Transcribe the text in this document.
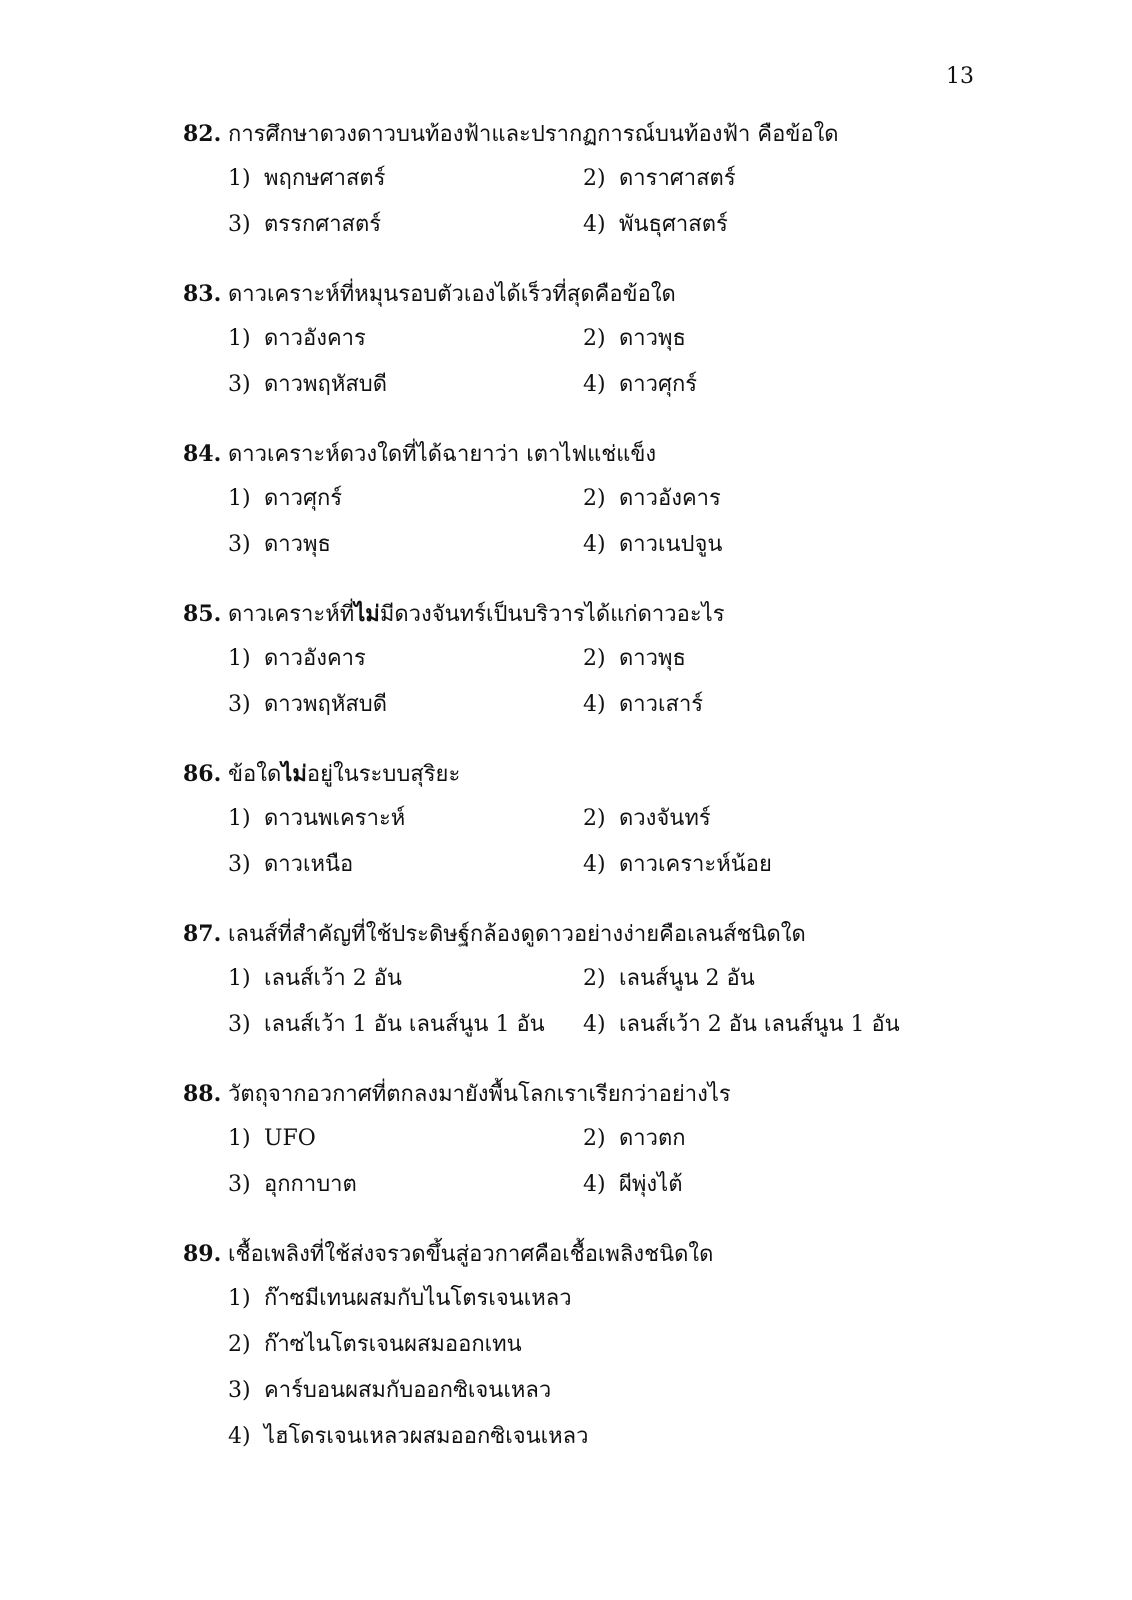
13
82. การศึกษาดวงดาวบนท้องฟ้าและปรากฏการณ์บนท้องฟ้า คือข้อใด
1) พฤกษศาสตร์	2) ดาราศาสตร์
3) ตรรกศาสตร์	4) พันธุศาสตร์
83. ดาวเคราะห์ที่หมุนรอบตัวเองได้เร็วที่สุดคือข้อใด
1) ดาวอังคาร	2) ดาวพุธ
3) ดาวพฤหัสบดี	4) ดาวศุกร์
84. ดาวเคราะห์ดวงใดที่ได้ฉายาว่า เตาไฟแช่แข็ง
1) ดาวศุกร์	2) ดาวอังคาร
3) ดาวพุธ	4) ดาวเนปจูน
85. ดาวเคราะห์ที่ไม่มีดวงจันทร์เป็นบริวารได้แก่ดาวอะไร
1) ดาวอังคาร	2) ดาวพุธ
3) ดาวพฤหัสบดี	4) ดาวเสาร์
86. ข้อใดไม่อยู่ในระบบสุริยะ
1) ดาวนพเคราะห์	2) ดวงจันทร์
3) ดาวเหนือ	4) ดาวเคราะห์น้อย
87. เลนส์ที่สำคัญที่ใช้ประดิษฐ์กล้องดูดาวอย่างง่ายคือเลนส์ชนิดใด
1) เลนส์เว้า 2 อัน	2) เลนส์นูน 2 อัน
3) เลนส์เว้า 1 อัน เลนส์นูน 1 อัน 4) เลนส์เว้า 2 อัน เลนส์นูน 1 อัน
88. วัตถุจากอวกาศที่ตกลงมายังพื้นโลกเราเรียกว่าอย่างไร
1) UFO	2) ดาวตก
3) อุกกาบาต	4) ผีพุ่งไต้
89. เชื้อเพลิงที่ใช้ส่งจรวดขึ้นสู่อวกาศคือเชื้อเพลิงชนิดใด
1) ก๊าซมีเทนผสมกับไนโตรเจนเหลว
2) ก๊าซไนโตรเจนผสมออกเทน
3) คาร์บอนผสมกับออกซิเจนเหลว
4) ไฮโดรเจนเหลวผสมออกซิเจนเหลว
